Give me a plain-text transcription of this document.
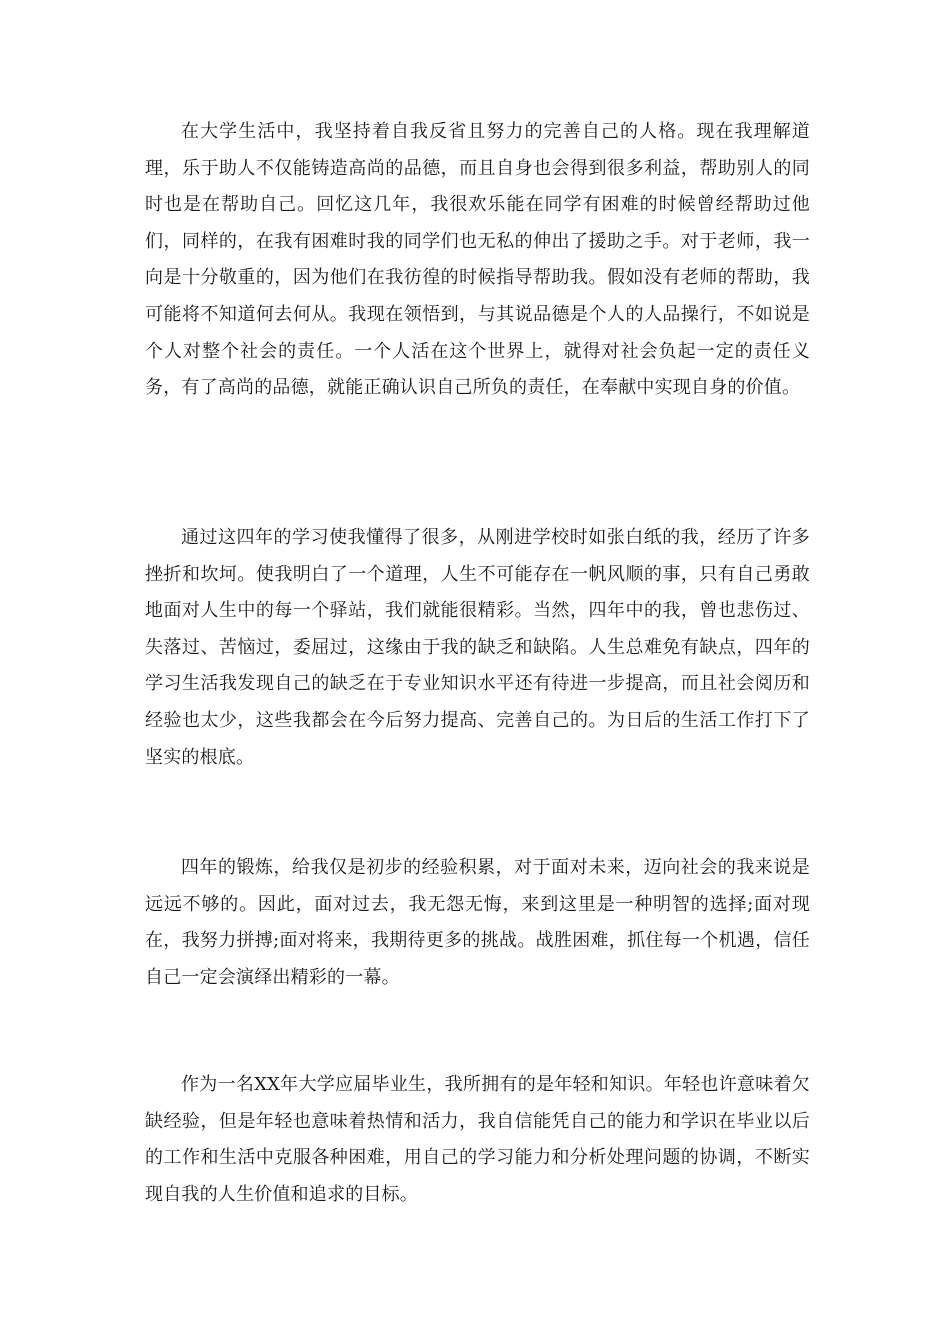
在大学生活中，我坚持着自我反省且努力的完善自己的人格。现在我理解道理，乐于助人不仅能铸造高尚的品德，而且自身也会得到很多利益，帮助别人的同时也是在帮助自己。回忆这几年，我很欢乐能在同学有困难的时候曾经帮助过他们，同样的，在我有困难时我的同学们也无私的伸出了援助之手。对于老师，我一向是十分敬重的，因为他们在我彷徨的时候指导帮助我。假如没有老师的帮助，我可能将不知道何去何从。我现在领悟到，与其说品德是个人的人品操行，不如说是个人对整个社会的责任。一个人活在这个世界上，就得对社会负起一定的责任义务，有了高尚的品德，就能正确认识自己所负的责任，在奉献中实现自身的价值。

通过这四年的学习使我懂得了很多，从刚进学校时如张白纸的我，经历了许多挫折和坎坷。使我明白了一个道理，人生不可能存在一帆风顺的事，只有自己勇敢地面对人生中的每一个驿站，我们就能很精彩。当然，四年中的我，曾也悲伤过、失落过、苦恼过，委屈过，这缘由于我的缺乏和缺陷。人生总难免有缺点，四年的学习生活我发现自己的缺乏在于专业知识水平还有待进一步提高，而且社会阅历和经验也太少，这些我都会在今后努力提高、完善自己的。为日后的生活工作打下了坚实的根底。

四年的锻炼，给我仅是初步的经验积累，对于面对未来，迈向社会的我来说是远远不够的。因此，面对过去，我无怨无悔，来到这里是一种明智的选择;面对现在，我努力拼搏;面对将来，我期待更多的挑战。战胜困难，抓住每一个机遇，信任自己一定会演绎出精彩的一幕。

作为一名XX年大学应届毕业生，我所拥有的是年轻和知识。年轻也许意味着欠缺经验，但是年轻也意味着热情和活力，我自信能凭自己的能力和学识在毕业以后的工作和生活中克服各种困难，用自己的学习能力和分析处理问题的协调，不断实现自我的人生价值和追求的目标。
